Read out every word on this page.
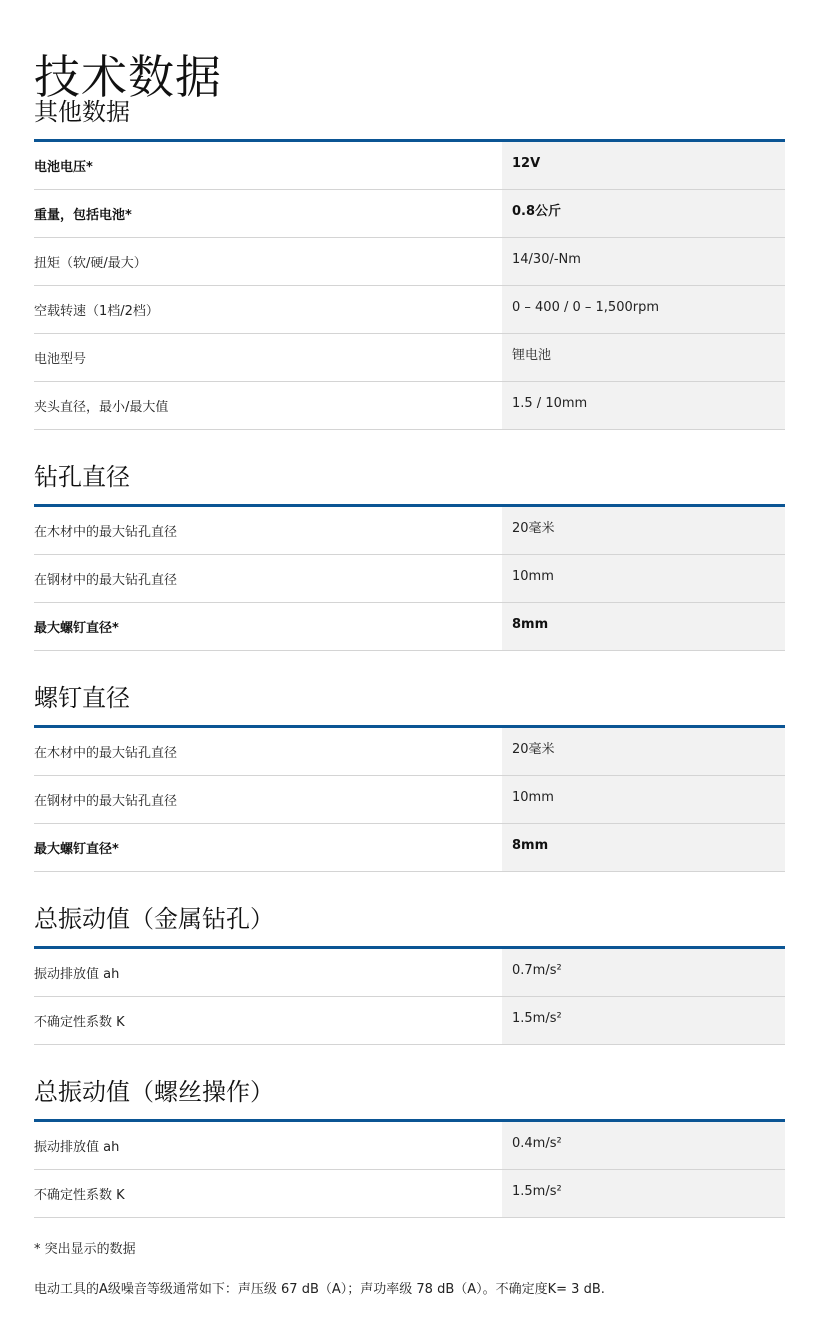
技术数据
其他数据
电池电压*	12V
重量，包括电池*	0.8公斤
扭矩（软/硬/最大）	14/30/-Nm
空载转速（1档/2档）	0 – 400 / 0 – 1,500rpm
电池型号	锂电池
夹头直径，最小/最大值	1.5 / 10mm
钻孔直径
在木材中的最大钻孔直径	20毫米
在钢材中的最大钻孔直径	10mm
最大螺钉直径*	8mm
螺钉直径
在木材中的最大钻孔直径	20毫米
在钢材中的最大钻孔直径	10mm
最大螺钉直径*	8mm
总振动值（金属钻孔）
振动排放值 ah	0.7m/s²
不确定性系数 K	1.5m/s²
总振动值（螺丝操作）
振动排放值 ah	0.4m/s²
不确定性系数 K	1.5m/s²
* 突出显示的数据
电动工具的A级噪音等级通常如下：声压级 67 dB（A）；声功率级 78 dB（A）。不确定度K= 3 dB.
